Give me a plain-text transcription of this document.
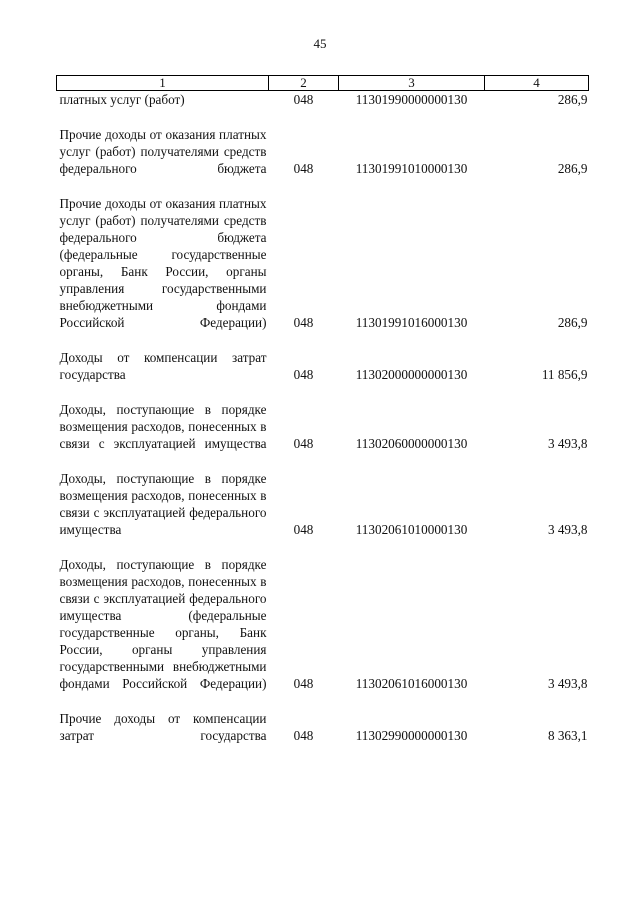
45
1	2	3	4
платных услуг (работ)	048	11301990000000130	286,9
Прочие доходы от оказания платных услуг (работ) получателями средств федерального бюджета	048	11301991010000130	286,9
Прочие доходы от оказания платных услуг (работ) получателями средств федерального бюджета (федеральные государственные органы, Банк России, органы управления государственными внебюджетными фондами Российской Федерации)	048	11301991016000130	286,9
Доходы от компенсации затрат государства	048	11302000000000130	11 856,9
Доходы, поступающие в порядке возмещения расходов, понесенных в связи с эксплуатацией имущества	048	11302060000000130	3 493,8
Доходы, поступающие в порядке возмещения расходов, понесенных в связи с эксплуатацией федерального имущества	048	11302061010000130	3 493,8
Доходы, поступающие в порядке возмещения расходов, понесенных в связи с эксплуатацией федерального имущества (федеральные государственные органы, Банк России, органы управления государственными внебюджетными фондами Российской Федерации)	048	11302061016000130	3 493,8
Прочие доходы от компенсации затрат государства	048	11302990000000130	8 363,1
